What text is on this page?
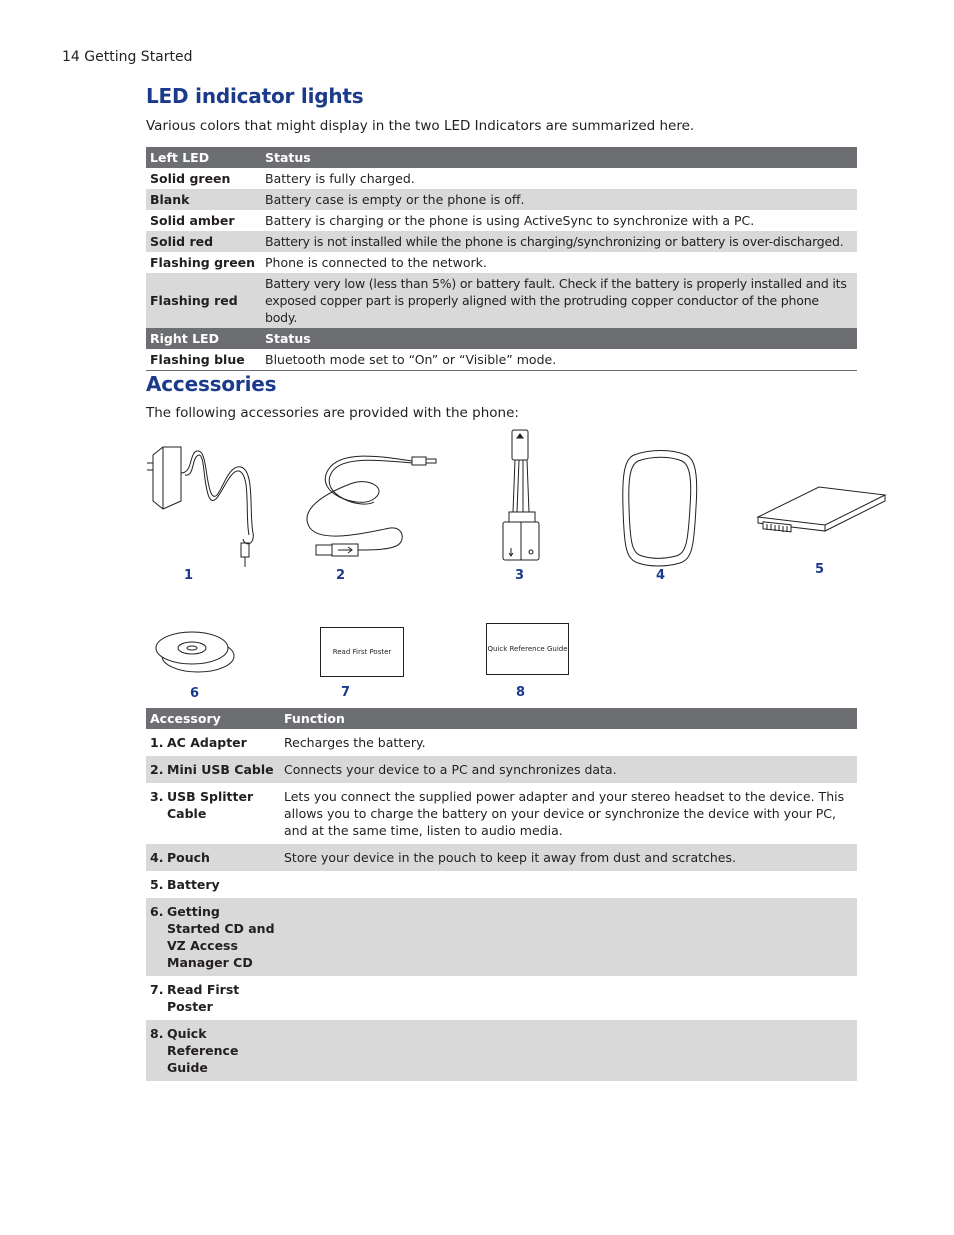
14 Getting Started
LED indicator lights

Various colors that might display in the two LED Indicators are summarized here.

Left LED	Status
Solid green	Battery is fully charged.
Blank	Battery case is empty or the phone is off.
Solid amber	Battery is charging or the phone is using ActiveSync to synchronize with a PC.
Solid red	Battery is not installed while the phone is charging/synchronizing or battery is over-discharged.
Flashing green	Phone is connected to the network.
Flashing red	Battery very low (less than 5%) or battery fault. Check if the battery is properly installed and its exposed copper part is properly aligned with the protruding copper conductor of the phone body.
Right LED	Status
Flashing blue	Bluetooth mode set to “On” or “Visible” mode.
Accessories

The following accessories are provided with the phone:

1	2	3	4	5
6
Read First Poster
7
Quick Reference Guide
8
Accessory	Function

1. AC Adapter	Recharges the battery.

2. Mini USB Cable	Connects your device to a PC and synchronizes data.

3. USB Splitter Cable	Lets you connect the supplied power adapter and your stereo headset to the device. This allows you to charge the battery on your device or synchronize the device with your PC, and at the same time, listen to audio media.

4. Pouch	Store your device in the pouch to keep it away from dust and scratches.

5. Battery	

6. Getting Started CD and VZ Access Manager CD	

7. Read First Poster	

8. Quick Reference Guide	
